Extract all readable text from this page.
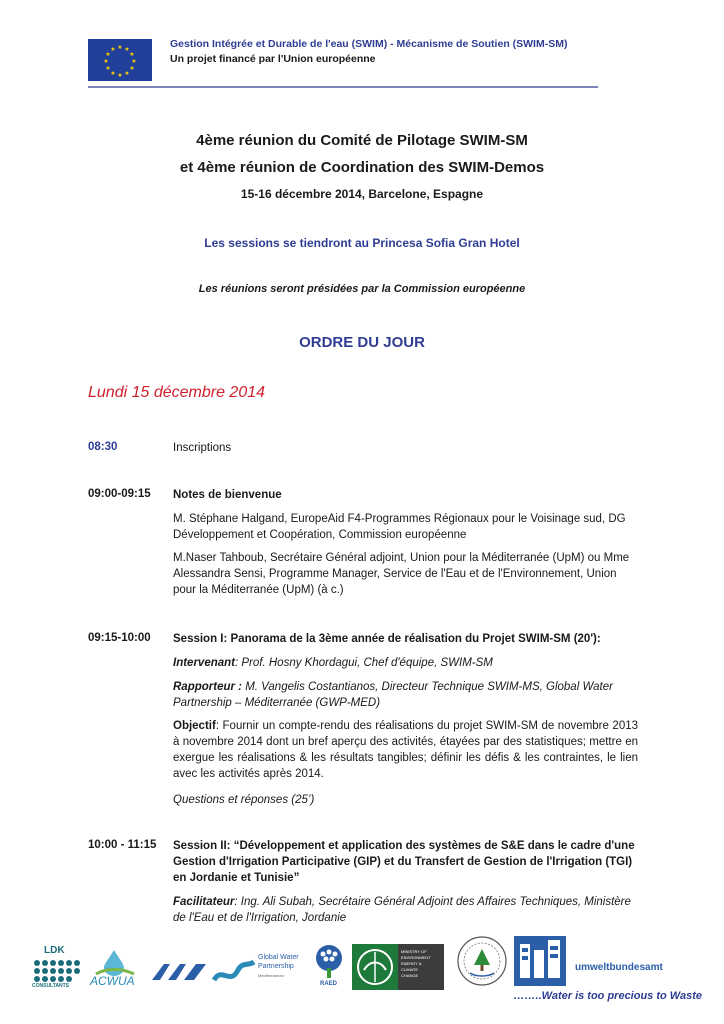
★ ★
★
★
★
★
★
★
★
★
★
★	Gestion Intégrée et Durable de l'eau (SWIM) - Mécanisme de Soutien (SWIM-SM)
Un projet financé par l'Union européenne
4ème réunion du Comité de Pilotage SWIM-SM
et 4ème réunion de Coordination des SWIM-Demos
15-16 décembre 2014, Barcelone, Espagne
Les sessions se tiendront au Princesa Sofia Gran Hotel
Les réunions seront présidées par la Commission européenne
ORDRE DU JOUR
Lundi 15 décembre 2014
08:30	Inscriptions
09:00-09:15 Notes de bienvenue
M. Stéphane Halgand, EuropeAid F4-Programmes Régionaux pour le Voisinage sud, DG Développement et Coopération, Commission européenne
M.Naser Tahboub, Secrétaire Général adjoint, Union pour la Méditerranée (UpM) ou Mme Alessandra Sensi, Programme Manager, Service de l'Eau et de l'Environnement, Union pour la Méditerranée (UpM) (à c.)
09:15-10:00 Session I: Panorama de la 3ème année de réalisation du Projet SWIM-SM (20'):
Intervenant: Prof. Hosny Khordagui, Chef d'équipe, SWIM-SM
Rapporteur : M. Vangelis Costantianos, Directeur Technique SWIM-MS, Global Water Partnership – Méditerranée (GWP-MED)
Objectif: Fournir un compte-rendu des réalisations du projet SWIM-SM de novembre 2013 à novembre 2014 dont un bref aperçu des activités, étayées par des statistiques; mettre en exergue les réalisations & les résultats tangibles; définir les défis & les contraintes, le lien avec les activités après 2014.
Questions et réponses (25’)
10:00 - 11:15 Session II: “Développement et application des systèmes de S&E dans le cadre d'une Gestion d'Irrigation Participative (GIP) et du Transfert de Gestion de l'Irrigation (TGI) en Jordanie et Tunisie”
Facilitateur: Ing. Ali Subah, Secrétaire Général Adjoint des Affaires Techniques, Ministère de l'Eau et de l'Irrigation, Jordanie
LDK
CONSULTANTS ACWUA
Global Water
Partnership
Mediterranean
RAED
MINISTRY OF
ENVIRONMENT
ENERGY &
CLIMATE
CHANGE
umweltbundesamt
……..Water is too precious to Waste
